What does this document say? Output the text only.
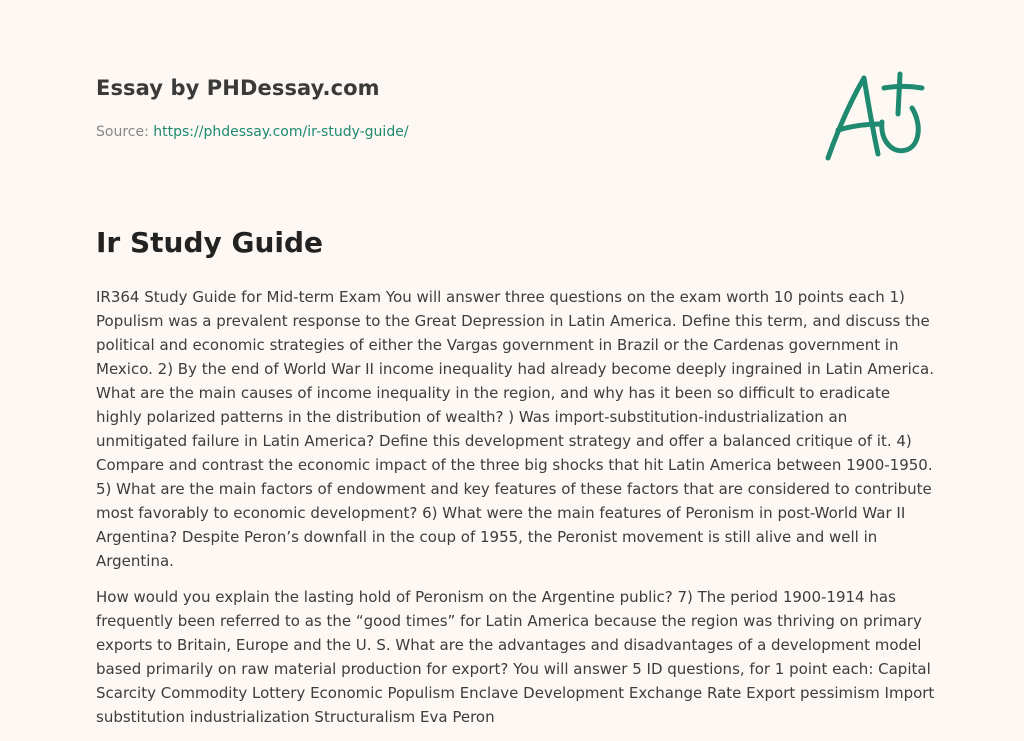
Essay by PHDessay.com
Source: https://phdessay.com/ir-study-guide/
Ir Study Guide

IR364 Study Guide for Mid-term Exam You will answer three questions on the exam worth 10 points each 1) Populism was a prevalent response to the Great Depression in Latin America. Define this term, and discuss the political and economic strategies of either the Vargas government in Brazil or the Cardenas government in Mexico. 2) By the end of World War II income inequality had already become deeply ingrained in Latin America. What are the main causes of income inequality in the region, and why has it been so difficult to eradicate highly polarized patterns in the distribution of wealth? ) Was import-substitution-industrialization an unmitigated failure in Latin America? Define this development strategy and offer a balanced critique of it. 4) Compare and contrast the economic impact of the three big shocks that hit Latin America between 1900-1950. 5) What are the main factors of endowment and key features of these factors that are considered to contribute most favorably to economic development? 6) What were the main features of Peronism in post-World War II Argentina? Despite Peron’s downfall in the coup of 1955, the Peronist movement is still alive and well in Argentina.

How would you explain the lasting hold of Peronism on the Argentine public? 7) The period 1900-1914 has frequently been referred to as the “good times” for Latin America because the region was thriving on primary exports to Britain, Europe and the U. S. What are the advantages and disadvantages of a development model based primarily on raw material production for export? You will answer 5 ID questions, for 1 point each: Capital Scarcity Commodity Lottery Economic Populism Enclave Development Exchange Rate Export pessimism Import substitution industrialization Structuralism Eva Peron
